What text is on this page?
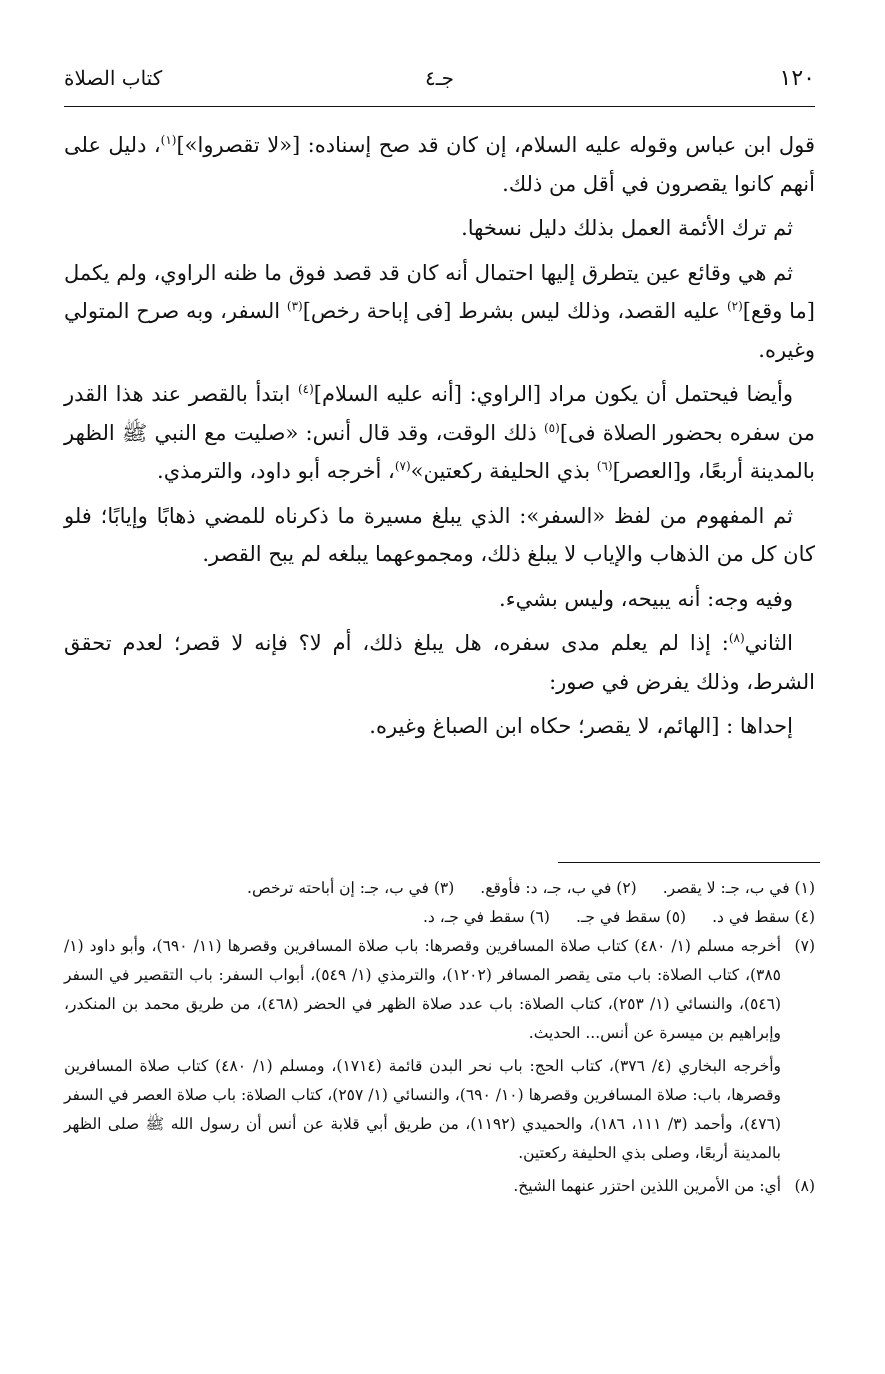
١٢٠
جـ٤
كتاب الصلاة

قول ابن عباس وقوله عليه السلام، إن كان قد صح إسناده: [«لا تقصروا»]$^{(١)}$، دليل على أنهم كانوا يقصرون في أقل من ذلك.

ثم ترك الأئمة العمل بذلك دليل نسخها.

ثم هي وقائع عين يتطرق إليها احتمال أنه كان قد قصد فوق ما ظنه الراوي، ولم يكمل [ما وقع]$^{(٢)}$ عليه القصد، وذلك ليس بشرط [فى إباحة رخص]$^{(٣)}$ السفر، وبه صرح المتولي وغيره.

وأيضا فيحتمل أن يكون مراد [الراوي: [أنه عليه السلام]$^{(٤)}$ ابتدأ بالقصر عند هذا القدر من سفره بحضور الصلاة فى]$^{(٥)}$ ذلك الوقت، وقد قال أنس: «صليت مع النبي ﷺ الظهر بالمدينة أربعًا، و[العصر]$^{(٦)}$ بذي الحليفة ركعتين»$^{(٧)}$، أخرجه أبو داود، والترمذي.

ثم المفهوم من لفظ «السفر»: الذي يبلغ مسيرة ما ذكرناه للمضي ذهابًا وإيابًا؛ فلو كان كل من الذهاب والإياب لا يبلغ ذلك، ومجموعهما يبلغه لم يبح القصر.

وفيه وجه: أنه يبيحه، وليس بشيء.

الثاني$^{(٨)}$: إذا لم يعلم مدى سفره، هل يبلغ ذلك، أم لا؟ فإنه لا قصر؛ لعدم تحقق الشرط، وذلك يفرض في صور:

إحداها : [الهائم، لا يقصر؛ حكاه ابن الصباغ وغيره.

(١) في ب، جـ: لا يقصر.
(٢) في ب، جـ، د: فأوقع.
(٣) في ب، جـ: إن أباحته ترخص.
(٤) سقط في د.
(٥) سقط في جـ.
(٦) سقط في جـ، د.
(٧)

أخرجه مسلم (١/ ٤٨٠) كتاب صلاة المسافرين وقصرها: باب صلاة المسافرين وقصرها (١١/ ٦٩٠)، وأبو داود (١/ ٣٨٥)، كتاب الصلاة: باب متى يقصر المسافر (١٢٠٢)، والترمذي (١/ ٥٤٩)، أبواب السفر: باب التقصير في السفر (٥٤٦)، والنسائي (١/ ٢٥٣)، كتاب الصلاة: باب عدد صلاة الظهر في الحضر (٤٦٨)، من طريق محمد بن المنكدر، وإبراهيم بن ميسرة عن أنس... الحديث.

وأخرجه البخاري (٤/ ٣٧٦)، كتاب الحج: باب نحر البدن قائمة (١٧١٤)، ومسلم (١/ ٤٨٠) كتاب صلاة المسافرين وقصرها، باب: صلاة المسافرين وقصرها (١٠/ ٦٩٠)، والنسائي (١/ ٢٥٧)، كتاب الصلاة: باب صلاة العصر في السفر (٤٧٦)، وأحمد (٣/ ١١١، ١٨٦)، والحميدي (١١٩٢)، من طريق أبي قلابة عن أنس أن رسول الله ﷺ صلى الظهر بالمدينة أربعًا، وصلى بذي الحليفة ركعتين.

(٨)

أي: من الأمرين اللذين احتزر عنهما الشيخ.
